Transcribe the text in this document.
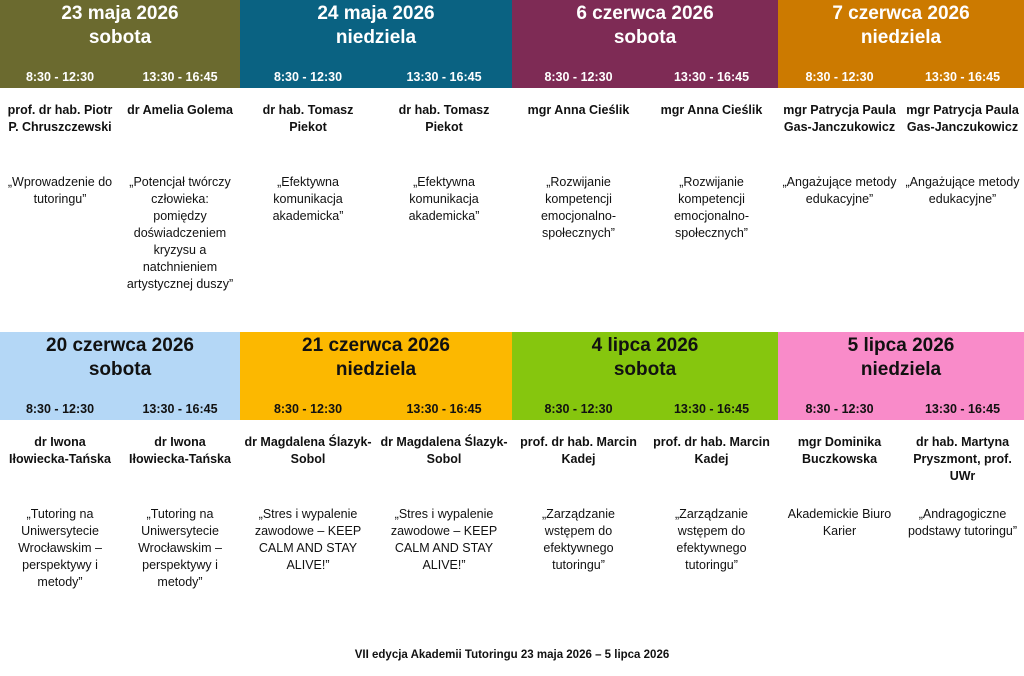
23 maja 2026
sobota
8:30 - 12:30	13:30 - 16:45
prof. dr hab. Piotr P. Chruszczewski
„Wprowadzenie do tutoringu”
dr Amelia Golema
„Potencjał twórczy człowieka: pomiędzy doświadczeniem kryzysu a natchnieniem artystycznej duszy”
24 maja 2026
niedziela
8:30 - 12:30	13:30 - 16:45
dr hab. Tomasz Piekot
„Efektywna komunikacja akademicka”
dr hab. Tomasz Piekot
„Efektywna komunikacja akademicka”
6 czerwca 2026
sobota
8:30 - 12:30	13:30 - 16:45
mgr Anna Cieślik
„Rozwijanie kompetencji emocjonalno-społecznych”
mgr Anna Cieślik
„Rozwijanie kompetencji emocjonalno-społecznych”
7 czerwca 2026
niedziela
8:30 - 12:30	13:30 - 16:45
mgr Patrycja Paula Gas-Janczukowicz
„Angażujące metody edukacyjne”
mgr Patrycja Paula Gas-Janczukowicz
„Angażujące metody edukacyjne”
20 czerwca 2026
sobota
8:30 - 12:30	13:30 - 16:45
dr Iwona Iłowiecka-Tańska
„Tutoring na Uniwersytecie Wrocławskim – perspektywy i metody”
dr Iwona Iłowiecka-Tańska
„Tutoring na Uniwersytecie Wrocławskim – perspektywy i metody”
21 czerwca 2026
niedziela
8:30 - 12:30	13:30 - 16:45
dr Magdalena Ślazyk-Sobol
„Stres i wypalenie zawodowe – KEEP CALM AND STAY ALIVE!”
dr Magdalena Ślazyk-Sobol
„Stres i wypalenie zawodowe – KEEP CALM AND STAY ALIVE!”
4 lipca 2026
sobota
8:30 - 12:30	13:30 - 16:45
prof. dr hab. Marcin Kadej
„Zarządzanie wstępem do efektywnego tutoringu”
prof. dr hab. Marcin Kadej
„Zarządzanie wstępem do efektywnego tutoringu”
5 lipca 2026
niedziela
8:30 - 12:30	13:30 - 16:45
mgr Dominika Buczkowska
Akademickie Biuro Karier
dr hab. Martyna Pryszmont, prof. UWr
„Andragogiczne podstawy tutoringu”
VII edycja Akademii Tutoringu 23 maja 2026 – 5 lipca 2026
